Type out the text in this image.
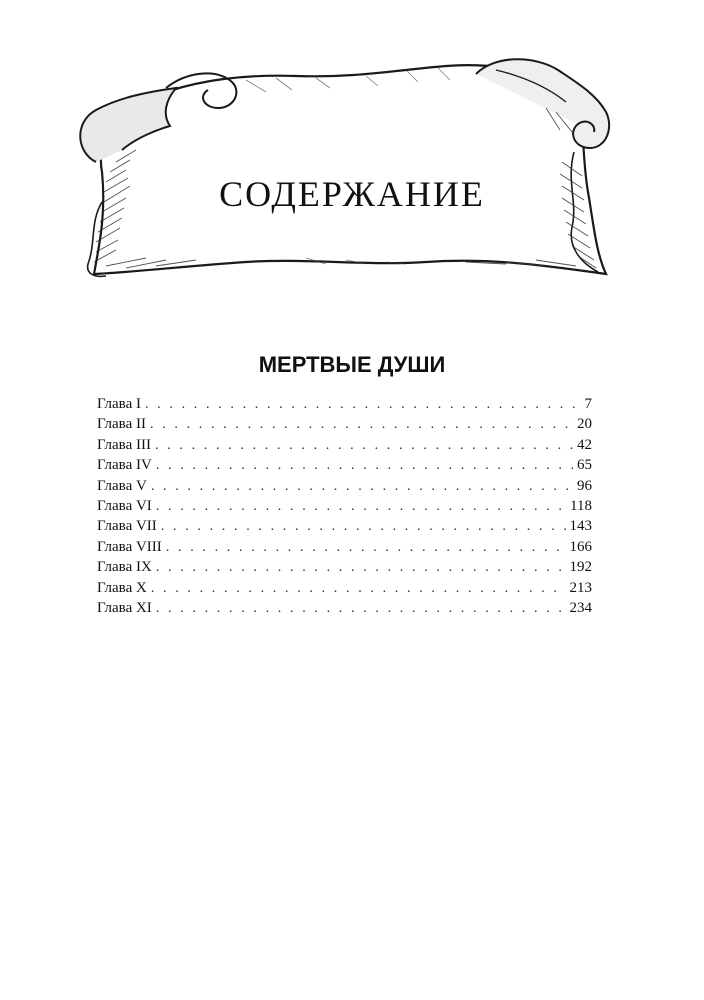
СОДЕРЖАНИЕ
МЕРТВЫЕ ДУШИ
Глава I . . .	7
Глава II . . .	20
Глава III . . .	42
Глава IV . . .	65
Глава V . . .	96
Глава VI . . .	118
Глава VII . . .	143
Глава VIII . . .	166
Глава IX . . .	192
Глава X . . .	213
Глава XI . . .	234
